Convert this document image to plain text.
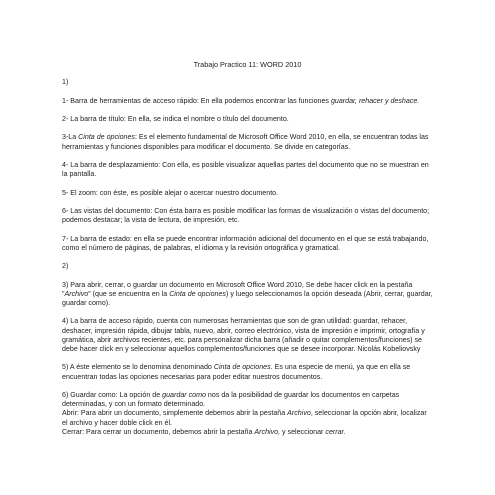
Trabajo Practico 11: WORD 2010

1)

1- Barra de herramientas de acceso rápido: En ella podemos encontrar las funciones guardar, rehacer y deshace.

2- La barra de título: En ella, se indica el nombre o título del documento.

3-La Cinta de opciones: Es el elemento fundamental de Microsoft Office Word 2010, en ella, se encuentran todas las herramientas y funciones disponibles para modificar el documento. Se divide en categorías.

4- La barra de desplazamiento: Con ella, es posible visualizar aquellas partes del documento que no se muestran en la pantalla.

5- El zoom: con éste, es posible alejar o acercar nuestro documento.

6- Las vistas del documento: Con ésta barra es posible modificar las formas de visualización o vistas del documento; podemos destacar; la vista de lectura, de impresión, etc.

7- La barra de estado: en ella se puede encontrar información adicional del documento en el que se está trabajando, como el número de páginas, de palabras, el idioma y la revisión ortográfica y gramatical.

2)

3) Para abrir, cerrar, o guardar un documento en Microsoft Office Word 2010, Se debe hacer click en la pestaña "Archivo" (que se encuentra en la Cinta de opciones) y luego seleccionamos la opción deseada (Abrir, cerrar, guardar, guardar como).

4) La barra de acceso rápido, cuenta con numerosas herramientas que son de gran utilidad: guardar, rehacer, deshacer, impresión rápida, dibujar tabla, nuevo, abrir, correo electrónico, vista de impresión e imprimir, ortografía y gramática, abrir archivos recientes, etc. para personalizar dicha barra (añadir o quitar complementos/funciones) se debe hacer click en y seleccionar aquellos complementos/funciones que se desee incorporar. Nicolás Kobeliovsky

5) A éste elemento se lo denomina denominado Cinta de opciones. Es una especie de menú, ya que en ella se encuentran todas las opciones necesarias para poder editar nuestros documentos.

6) Guardar como: La opción de guardar como nos da la posibilidad de guardar los documentos en carpetas determinadas, y con un formato determinado.
Abrir: Para abrir un documento, simplemente debemos abrir la pestaña Archivo, seleccionar la opción abrir, localizar el archivo y hacer doble click en él.
Cerrar: Para cerrar un documento, debemos abrir la pestaña Archivo, y seleccionar cerrar.
